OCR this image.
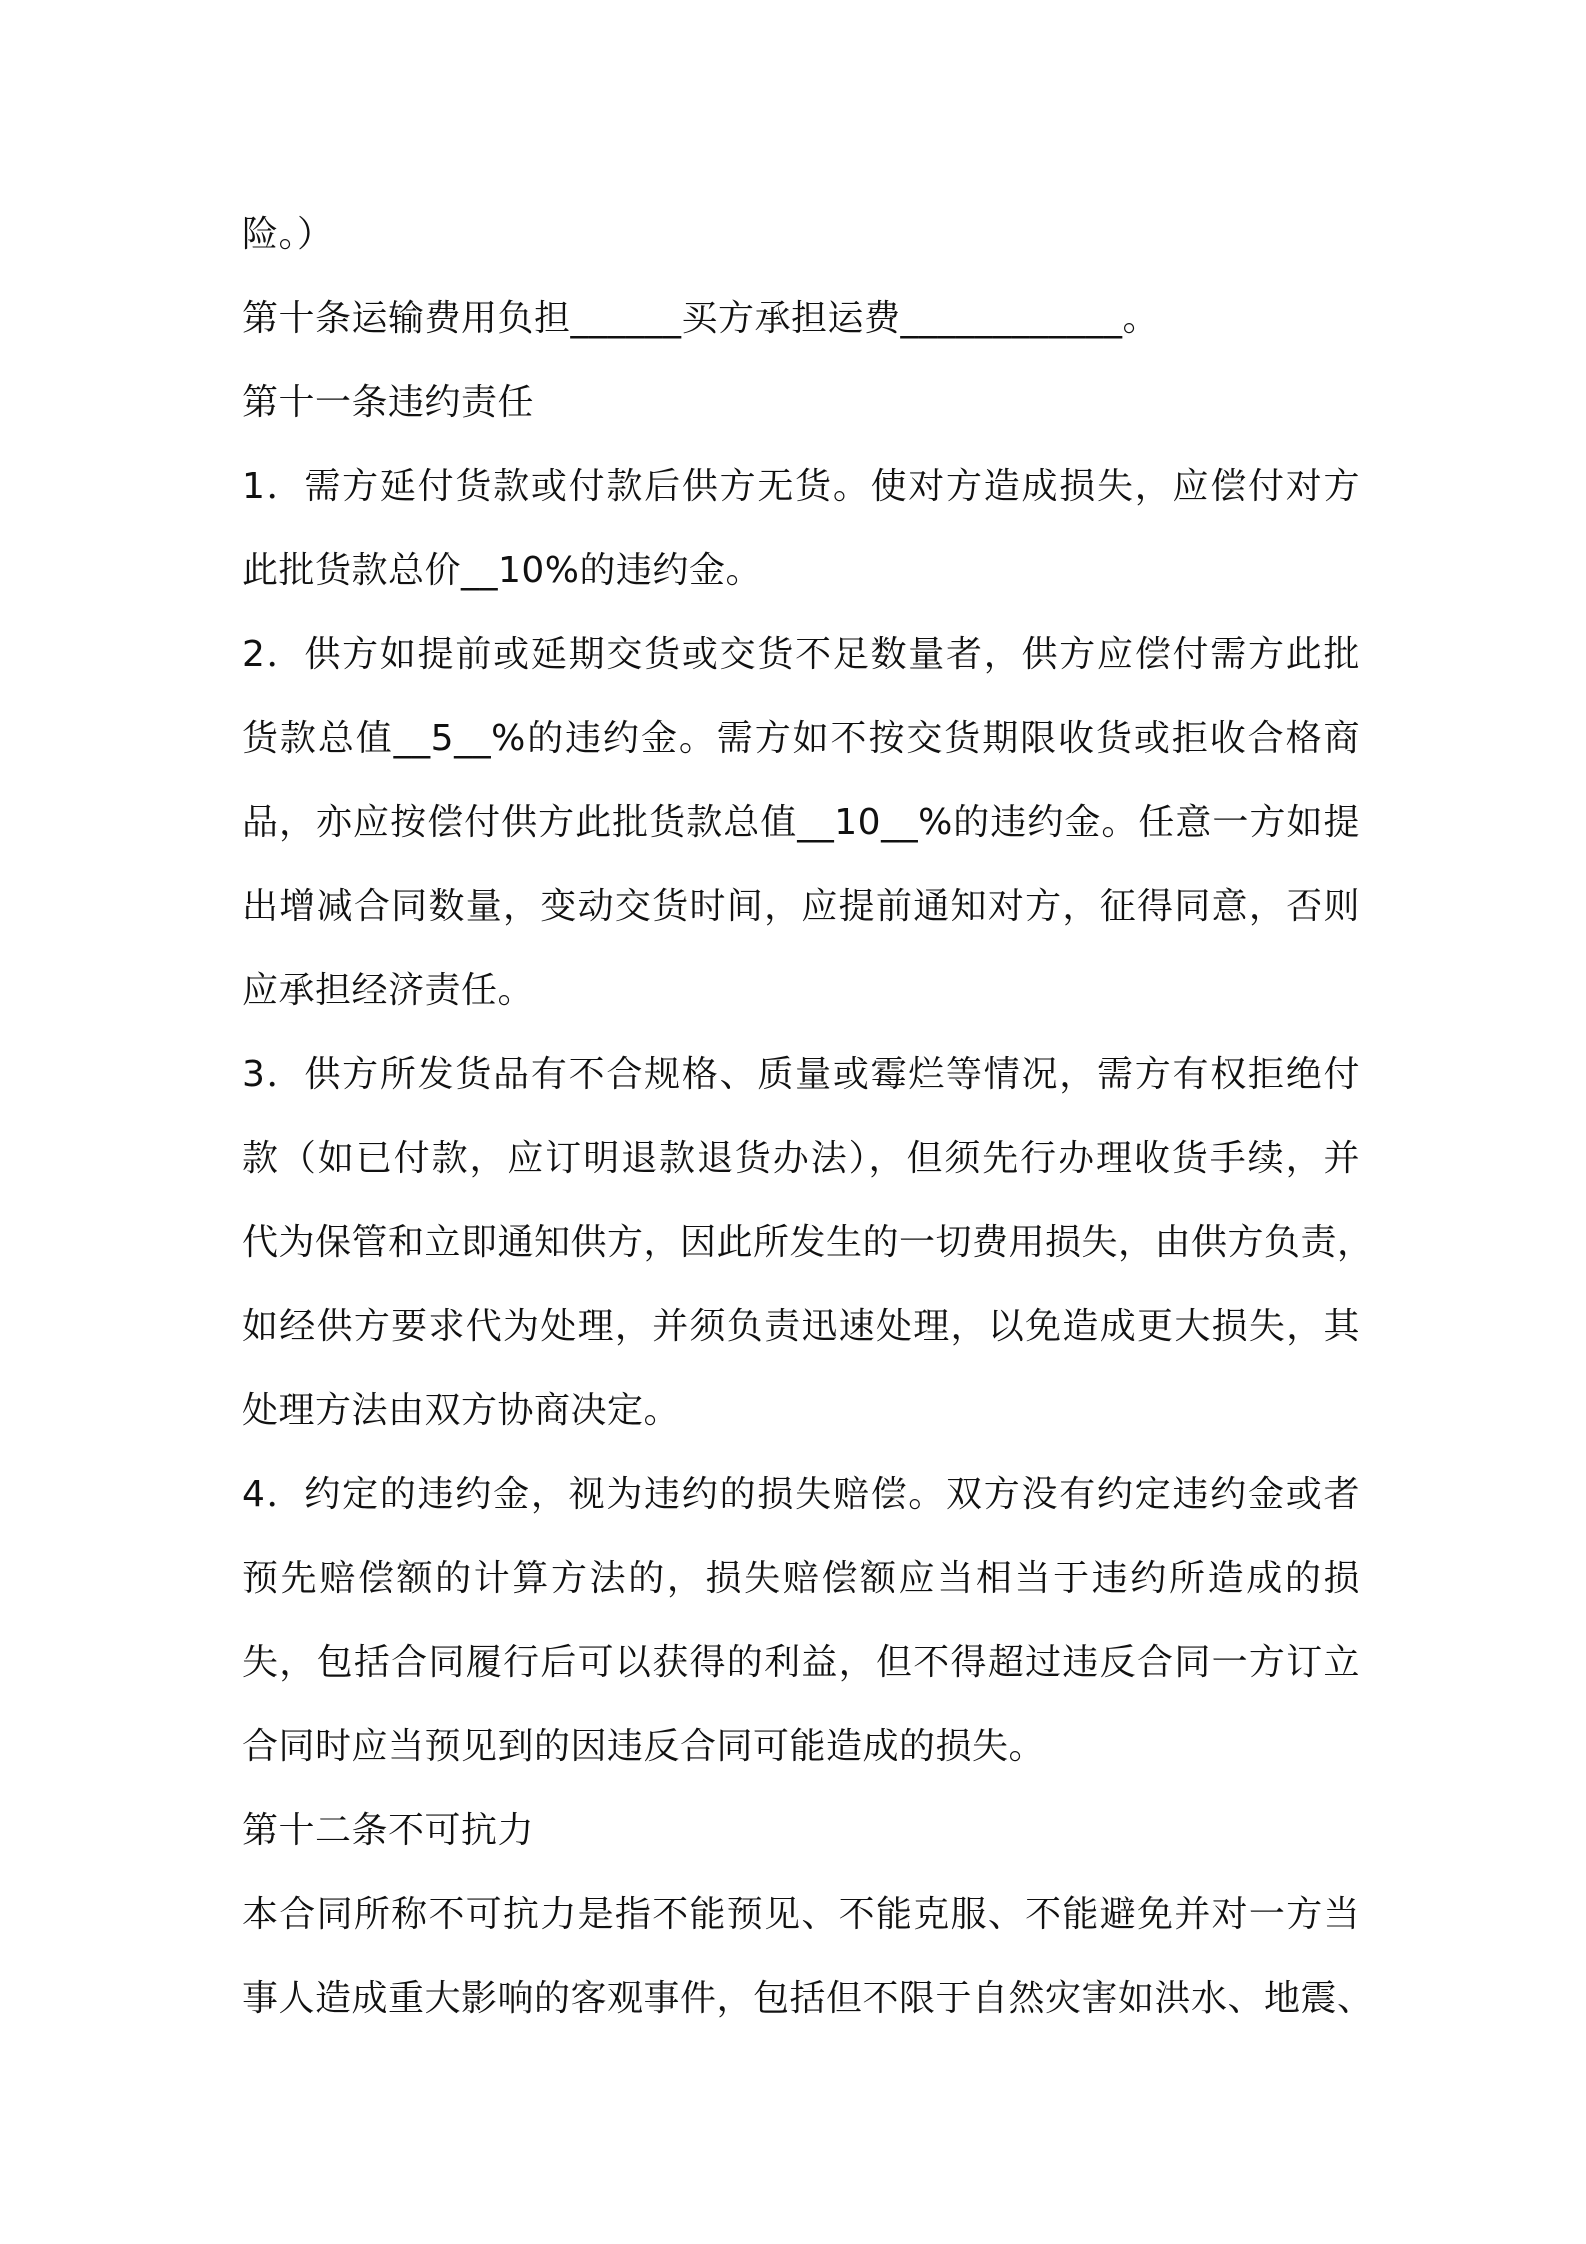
险。）
第十条运输费用负担______买方承担运费____________。
第十一条违约责任
1．需方延付货款或付款后供方无货。使对方造成损失，应偿付对方
此批货款总价__10%的违约金。
2．供方如提前或延期交货或交货不足数量者，供方应偿付需方此批
货款总值__5__%的违约金。需方如不按交货期限收货或拒收合格商
品，亦应按偿付供方此批货款总值__10__%的违约金。任意一方如提
出增减合同数量，变动交货时间，应提前通知对方，征得同意，否则
应承担经济责任。
3．供方所发货品有不合规格、质量或霉烂等情况，需方有权拒绝付
款（如已付款，应订明退款退货办法），但须先行办理收货手续，并
代为保管和立即通知供方，因此所发生的一切费用损失，由供方负责，
如经供方要求代为处理，并须负责迅速处理，以免造成更大损失，其
处理方法由双方协商决定。
4．约定的违约金，视为违约的损失赔偿。双方没有约定违约金或者
预先赔偿额的计算方法的，损失赔偿额应当相当于违约所造成的损
失，包括合同履行后可以获得的利益，但不得超过违反合同一方订立
合同时应当预见到的因违反合同可能造成的损失。
第十二条不可抗力
本合同所称不可抗力是指不能预见、不能克服、不能避免并对一方当
事人造成重大影响的客观事件，包括但不限于自然灾害如洪水、地震、
